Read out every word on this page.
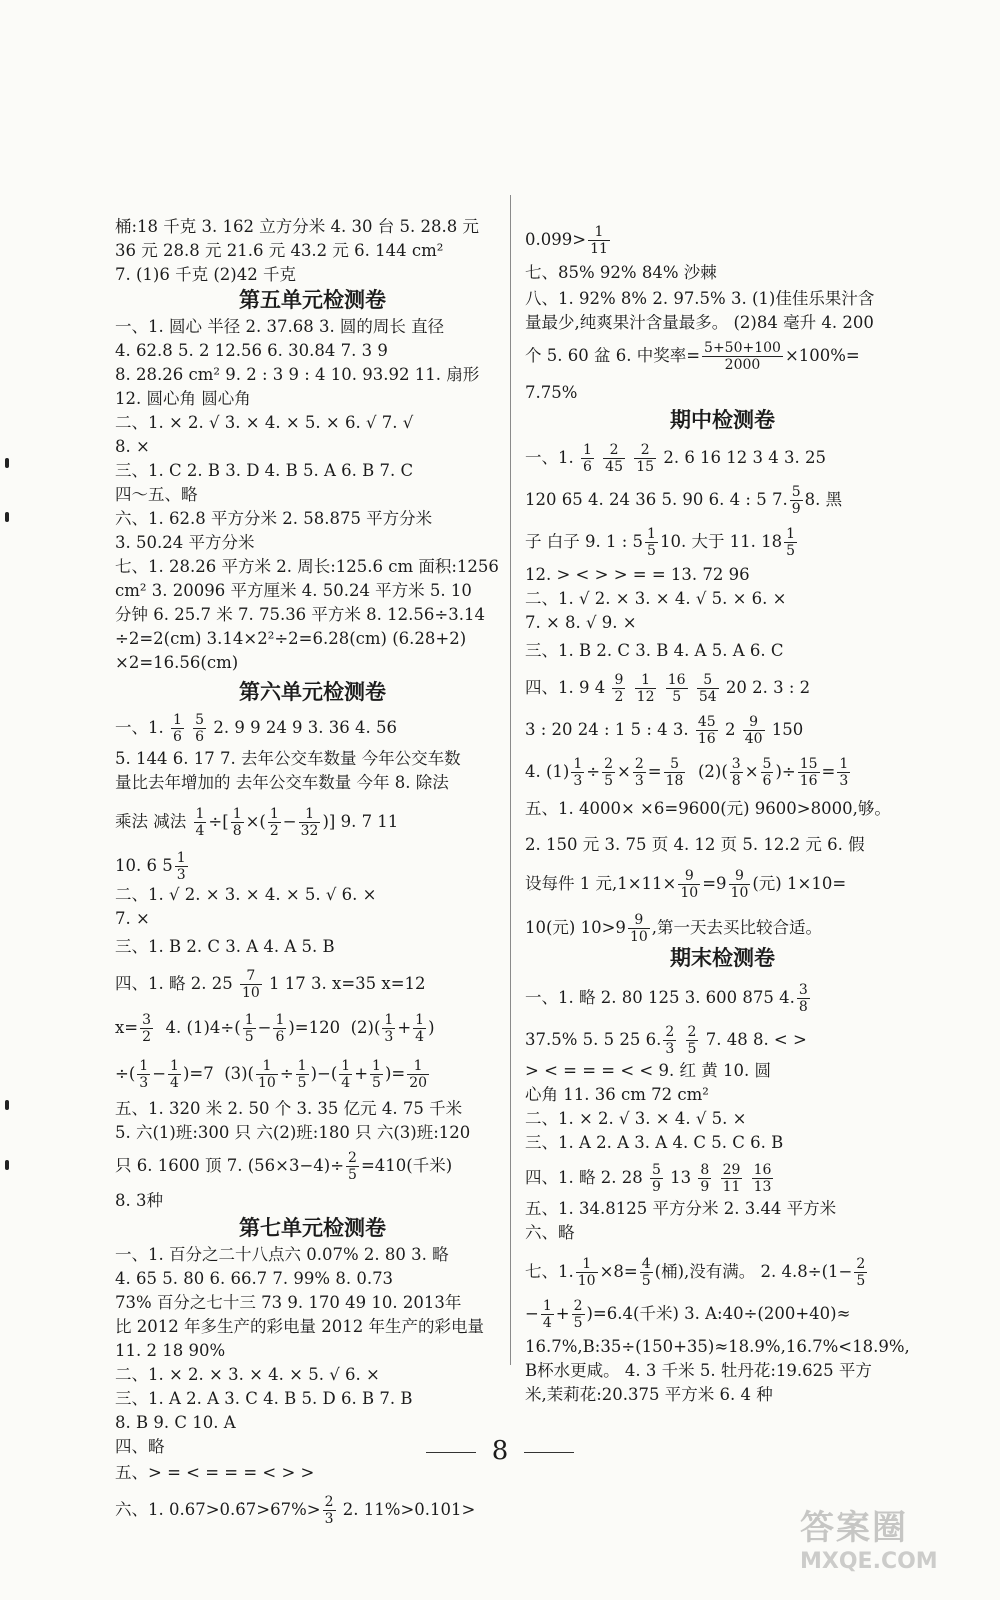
桶:18 千克 3. 162 立方分米 4. 30 台 5. 28.8 元
36 元 28.8 元 21.6 元 43.2 元 6. 144 cm²
7. (1)6 千克 (2)42 千克
第五单元检测卷
一、1. 圆心 半径 2. 37.68 3. 圆的周长 直径
4. 62.8 5. 2 12.56 6. 30.84 7. 3 9
8. 28.26 cm² 9. 2 : 3 9 : 4 10. 93.92 11. 扇形
12. 圆心角 圆心角
二、1. × 2. √ 3. × 4. × 5. × 6. √ 7. √
8. ×
三、1. C 2. B 3. D 4. B 5. A 6. B 7. C
四～五、略
六、1. 62.8 平方分米 2. 58.875 平方分米
3. 50.24 平方分米
七、1. 28.26 平方米 2. 周长:125.6 cm 面积:1256
cm² 3. 20096 平方厘米 4. 50.24 平方米 5. 10
分钟 6. 25.7 米 7. 75.36 平方米 8. 12.56÷3.14
÷2=2(cm) 3.14×2²÷2=6.28(cm) (6.28+2)
×2=16.56(cm)
第六单元检测卷
一、1. $\frac{1}{6}$
$\frac{5}{6} 2$. 9 9 24 9 3. 36 4. 56
5. 144 6. 17 7. 去年公交车数量 今年公交车数
量比去年增加的 去年公交车数量 今年 8. 除法
乘法 减法 $\frac{1}{4}$ ÷[ $\frac{1}{8}$ ×( $\frac{1}{2} - \frac{1}{32}$ )] 9. 7 11
10. 6 $5 \frac{1}{3}$
二、1. √ 2. × 3. × 4. × 5. √ 6. ×
7. ×
三、1. B 2. C 3. A 4. A 5. B
四、1. 略 2. $25 \frac{7}{10} 1$ 17 3. x=35 x=12
$x= \frac{3}{2} 4$. $(1)4\div( \frac{1}{5} - \frac{1}{6} )=120$  $(2)( \frac{1}{3} + \frac{1}{4}$ )
÷( $\frac{1}{3} - \frac{1}{4} )=7$  $(3)( \frac{1}{10} \div \frac{1}{5}$ )−( $\frac{1}{4} + \frac{1}{5}$ )= $\frac{1}{20}$
五、1. 320 米 2. 50 个 3. 35 亿元 4. 75 千米
5. 六(1)班:300 只 六(2)班:180 只 六(3)班:120
只 6. 1600 顶 7. $(56\times 3-4)\div \frac{2}{5} =410$(千米)
8. 3种
第七单元检测卷
一、1. 百分之二十八点六 0.07% 2. 80 3. 略
4. 65 5. 80 6. 66.7 7. 99% 8. 0.73
73% 百分之七十三 73 9. 170 49 10. 2013年
比 2012 年多生产的彩电量 2012 年生产的彩电量
11. 2 18 90%
二、1. × 2. × 3. × 4. × 5. √ 6. ×
三、1. A 2. A 3. C 4. B 5. D 6. B 7. B
8. B 9. C 10. A
四、略
五、> = < = = = < > >
六、1. 0.67>0.6̇7>67%> $\frac{2}{3} 2$. 11%>0.101>
$0.099> \frac{1}{11}$
七、85% 92% 84% 沙棘
八、1. 92% 8% 2. 97.5% 3. (1)佳佳乐果汁含
量最少,纯爽果汁含量最多。 (2)84 毫升 4. 200
个 5. 60 盆 6. 中奖率= $\frac{5+50+100}{2000} \times 100\%=$
7.75%
期中检测卷
一、1. $\frac{1}{6}$
$\frac{2}{45}$
$\frac{2}{15} 2$. 6 16 12 3 4 3. 25
120 65 4. 24 36 5. 90 6. 4 : 5 7. $\frac{5}{9} 8$. 黑
子 白子 9. 1 : $5 \frac{1}{5} 10$. 大于 11. $18 \frac{1}{5}$
12. > < > > = = 13. 72 96
二、1. √ 2. × 3. × 4. √ 5. × 6. ×
7. × 8. √ 9. ×
三、1. B 2. C 3. B 4. A 5. A 6. C
四、1. 9 $4 \frac{9}{2}$
$\frac{1}{12}$
$\frac{16}{5}$
$\frac{5}{54} 20$ 2. 3 : 2
3 : 20 24 : 1 5 : 4 3. $\frac{45}{16} 2 \frac{9}{40} 150$
4. $(1) \frac{1}{3} \div \frac{2}{5} \times \frac{2}{3} = \frac{5}{18} (2)( \frac{3}{8} \times \frac{5}{6}$ )÷ $\frac{15}{16} = \frac{1}{3}$
五、1. 4000× ×6=9600(元) 9600>8000,够。
2. 150 元 3. 75 页 4. 12 页 5. 12.2 元 6. 假
设每件 1 元$,1\times 11\times \frac{9}{10} =9 \frac{9}{10}$ (元) 1×10=
10(元) $10>9 \frac{9}{10}$ ,第一天去买比较合适。
期末检测卷
一、1. 略 2. 80 125 3. 600 875 4. $\frac{3}{8}$
37.5% 5. 5 25 6. $\frac{2}{3}$
$\frac{2}{5} 7$. 48 8. < >
> < = = = < < 9. 红 黄 10. 圆
心角 11. 36 cm 72 cm²
二、1. × 2. √ 3. × 4. √ 5. ×
三、1. A 2. A 3. A 4. C 5. C 6. B
四、1. 略 2. $28 \frac{5}{9} 13 \frac{8}{9}$
$\frac{29}{11}$
$\frac{16}{13}$
五、1. 34.8125 平方分米 2. 3.44 平方米
六、略
七、1. $\frac{1}{10} \times 8= \frac{4}{5}$ (桶),没有满。 2. $4.8\div(1- \frac{2}{5}$
− $\frac{1}{4} + \frac{2}{5} )=6.4$(千米) 3. A:40÷(200+40)≈
16.7%,B:35÷(150+35)≈18.9%,16.7%<18.9%,
B杯水更咸。 4. 3 千米 5. 牡丹花:19.625 平方
米,茉莉花:20.375 平方米 6. 4 种
8
答案圈
MXQE.COM
